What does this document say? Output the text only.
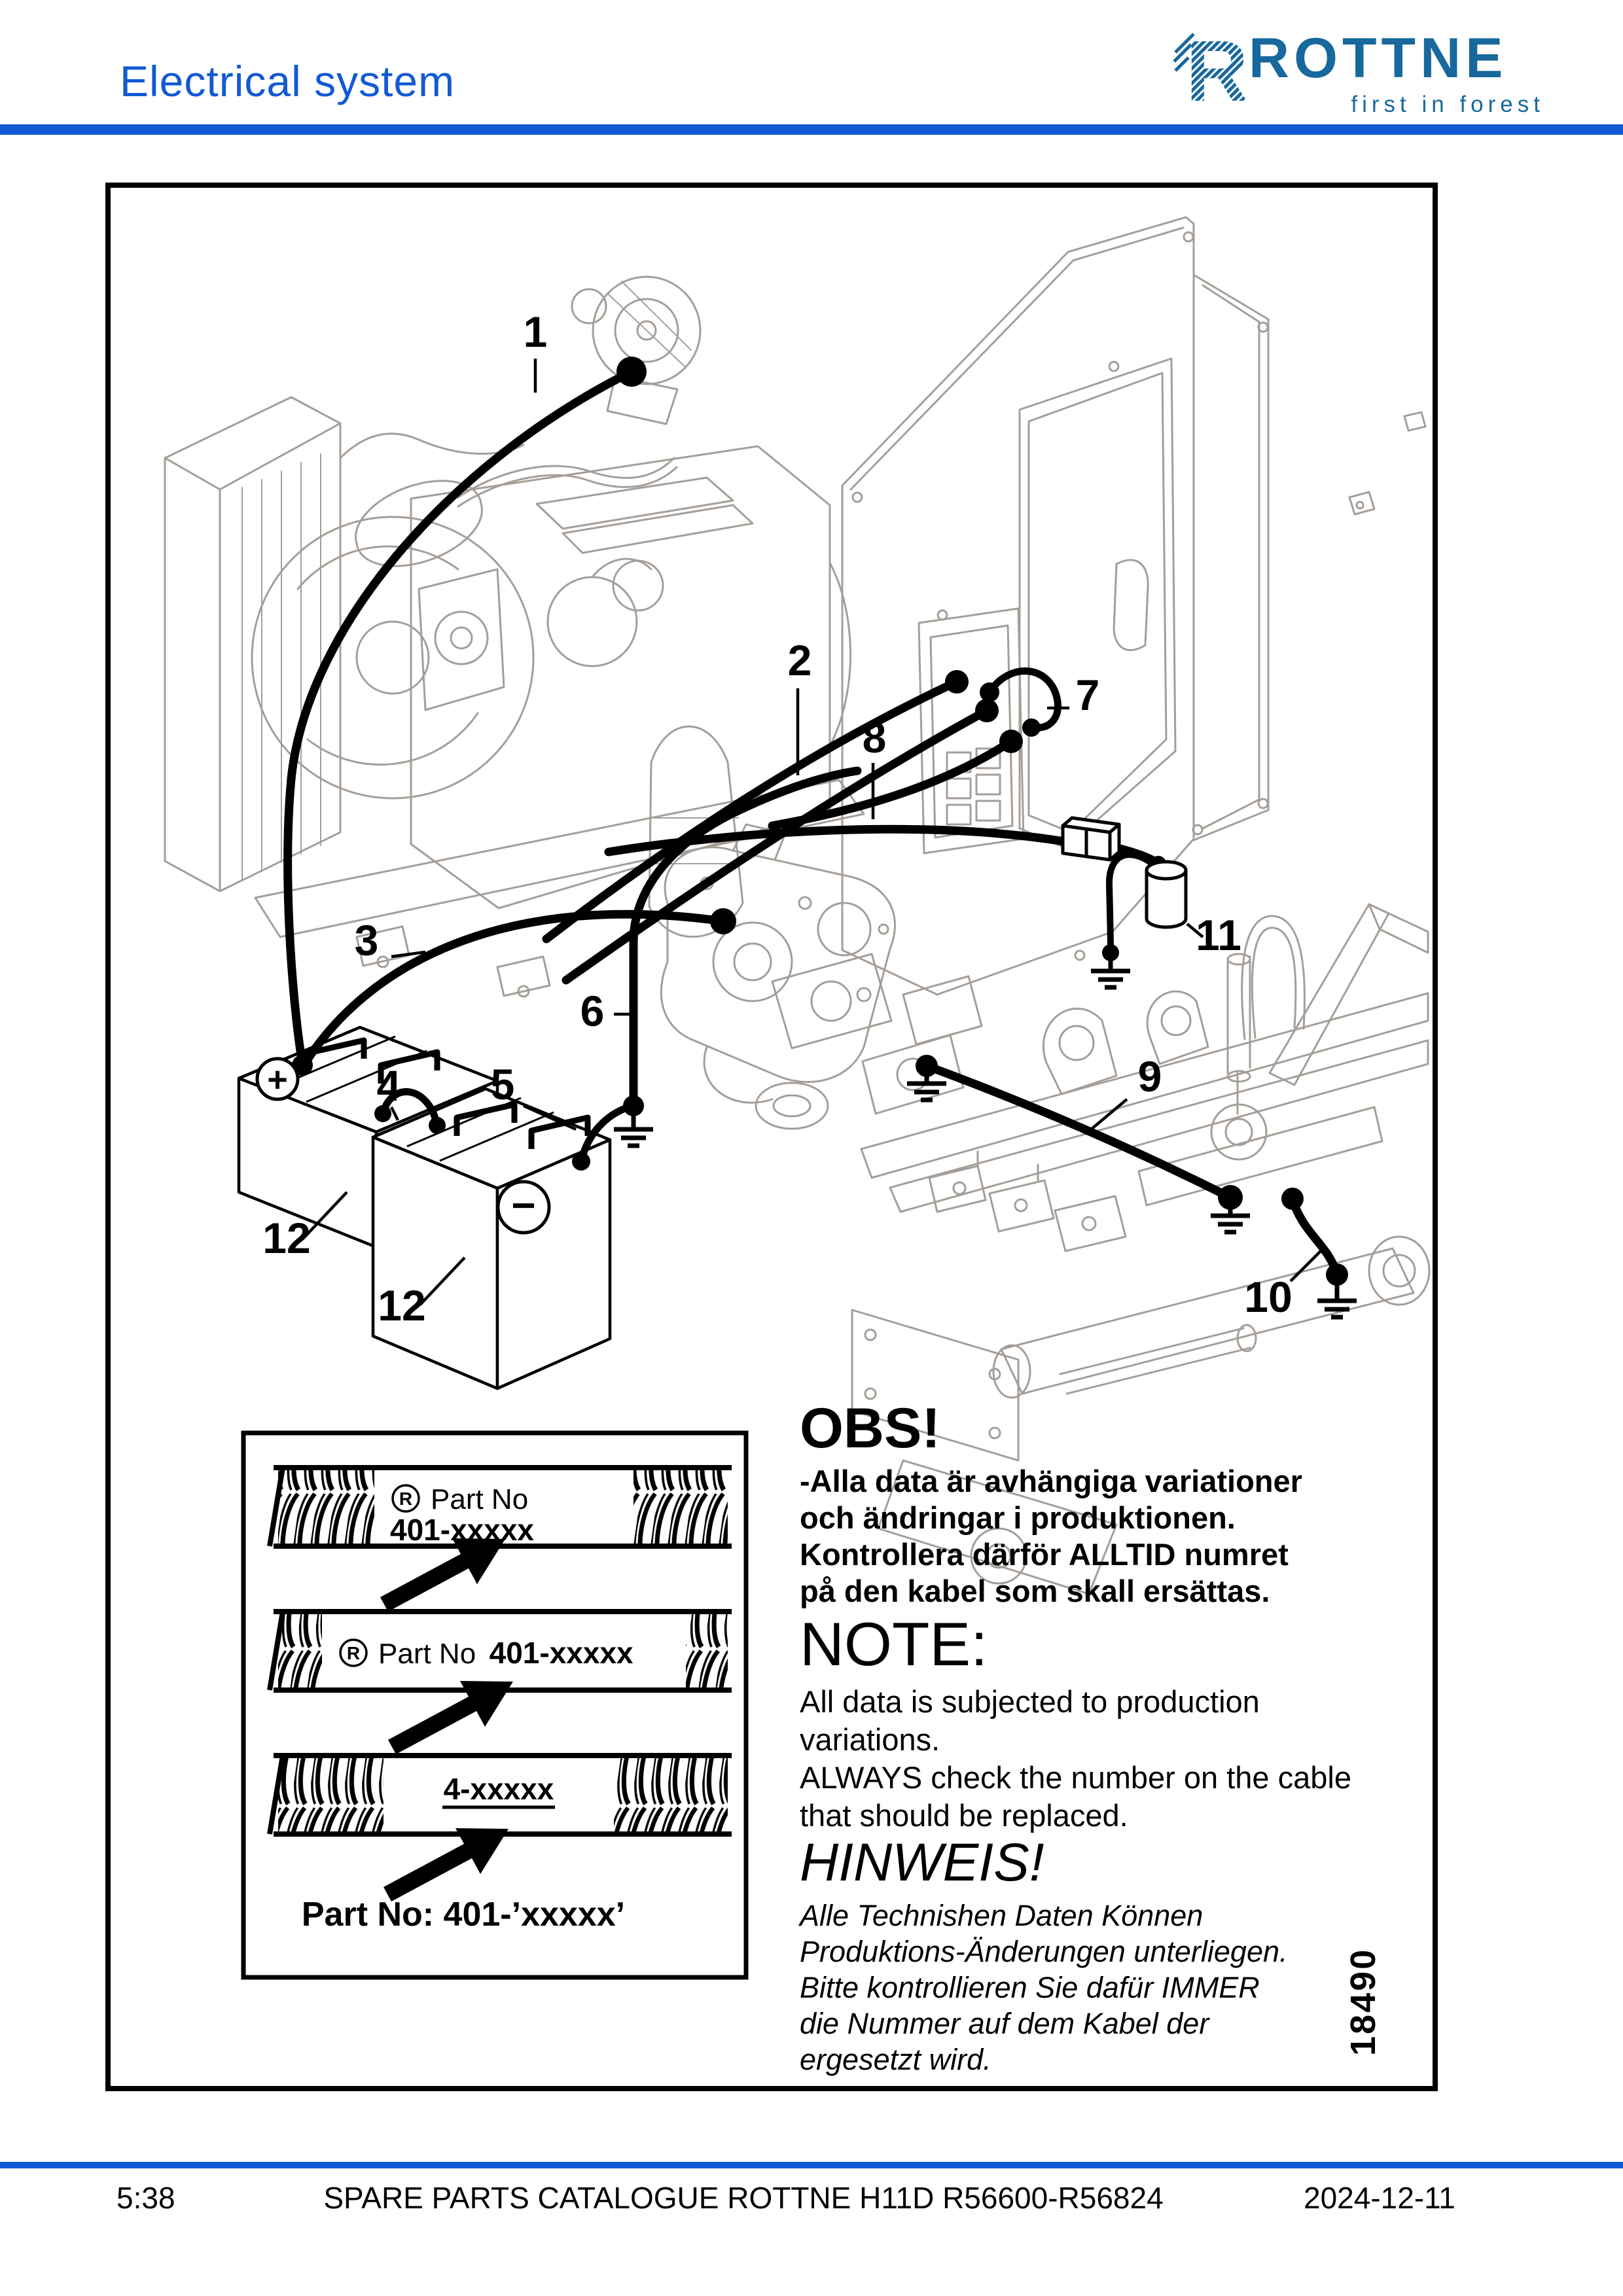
1
2
3
4 5
6
7
8
9
10
11
12
12
+
−
R Part No
401-xxxxx
R Part No 401-xxxxx
4-xxxxx
Electrical system	R ROTTNE
first in forest
OBS!
-Alla data är avhängiga variationer
och ändringar i produktionen.
Kontrollera därför ALLTID numret
på den kabel som skall ersättas.
NOTE:
All data is subjected to production
variations.
ALWAYS check the number on the cable
that should be replaced.
HINWEIS!
Alle Technishen Daten Können
Produktions-Änderungen unterliegen.
Bitte kontrollieren Sie dafür IMMER
die Nummer auf dem Kabel der
ergesetzt wird.
Part No: 401-’xxxxx’
18490
5:38	SPARE PARTS CATALOGUE ROTTNE H11D R56600-R56824	2024-12-11
